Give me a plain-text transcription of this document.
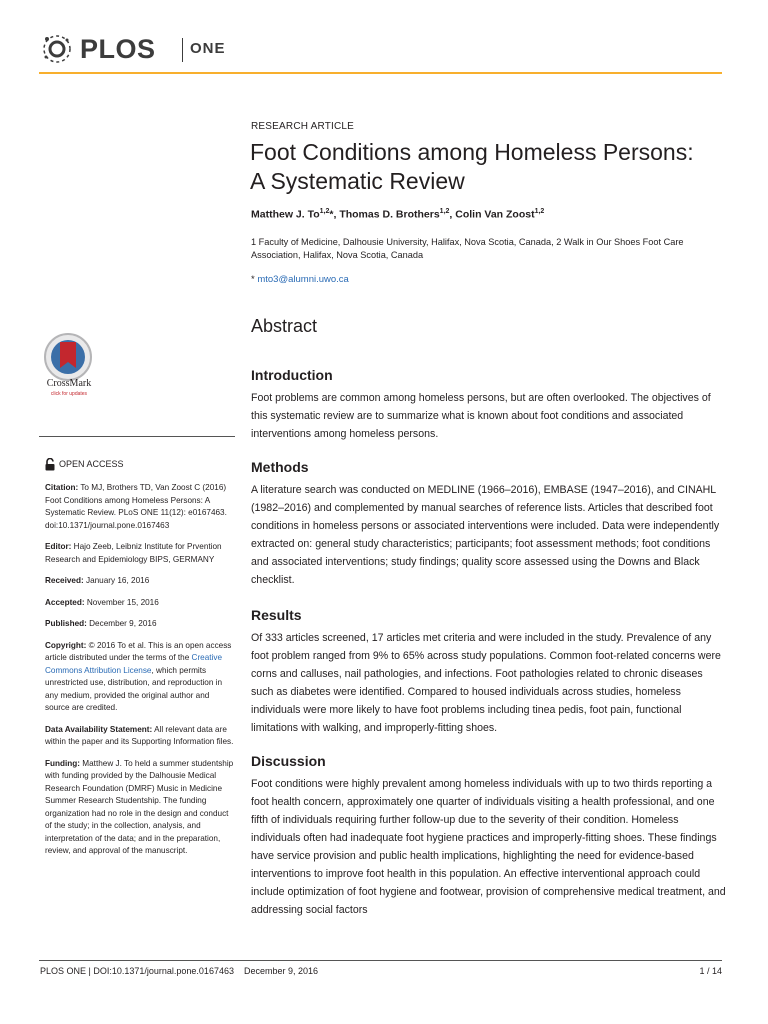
PLOS ONE
RESEARCH ARTICLE
Foot Conditions among Homeless Persons:
A Systematic Review
Matthew J. To$^{1,2}$*, Thomas D. Brothers$^{1,2}$, Colin Van Zoost$^{1,2}$
1 Faculty of Medicine, Dalhousie University, Halifax, Nova Scotia, Canada, 2 Walk in Our Shoes Foot Care Association, Halifax, Nova Scotia, Canada
* mto3@alumni.uwo.ca
Abstract
CrossMark
click for updates
OPEN ACCESS

Citation: To MJ, Brothers TD, Van Zoost C (2016) Foot Conditions among Homeless Persons: A Systematic Review. PLoS ONE 11(12): e0167463. doi:10.1371/journal.pone.0167463

Editor: Hajo Zeeb, Leibniz Institute for Prvention Research and Epidemiology BIPS, GERMANY

Received: January 16, 2016

Accepted: November 15, 2016

Published: December 9, 2016

Copyright: © 2016 To et al. This is an open access article distributed under the terms of the Creative Commons Attribution License, which permits unrestricted use, distribution, and reproduction in any medium, provided the original author and source are credited.

Data Availability Statement: All relevant data are within the paper and its Supporting Information files.

Funding: Matthew J. To held a summer studentship with funding provided by the Dalhousie Medical Research Foundation (DMRF) Music in Medicine Summer Research Studentship. The funding organization had no role in the design and conduct of the study; in the collection, analysis, and interpretation of the data; and in the preparation, review, and approval of the manuscript.

Introduction

Foot problems are common among homeless persons, but are often overlooked. The objectives of this systematic review are to summarize what is known about foot conditions and associated interventions among homeless persons.

Methods

A literature search was conducted on MEDLINE (1966–2016), EMBASE (1947–2016), and CINAHL (1982–2016) and complemented by manual searches of reference lists. Articles that described foot conditions in homeless persons or associated interventions were included. Data were independently extracted on: general study characteristics; participants; foot assessment methods; foot conditions and associated interventions; study findings; quality score assessed using the Downs and Black checklist.

Results

Of 333 articles screened, 17 articles met criteria and were included in the study. Prevalence of any foot problem ranged from 9% to 65% across study populations. Common foot-related concerns were corns and calluses, nail pathologies, and infections. Foot pathologies related to chronic diseases such as diabetes were identified. Compared to housed individuals across studies, homeless individuals were more likely to have foot problems including tinea pedis, foot pain, functional limitations with walking, and improperly-fitting shoes.

Discussion

Foot conditions were highly prevalent among homeless individuals with up to two thirds reporting a foot health concern, approximately one quarter of individuals visiting a health professional, and one fifth of individuals requiring further follow-up due to the severity of their condition. Homeless individuals often had inadequate foot hygiene practices and improperly-fitting shoes. These findings have service provision and public health implications, highlighting the need for evidence-based interventions to improve foot health in this population. An effective interventional approach could include optimization of foot hygiene and footwear, provision of comprehensive medical treatment, and addressing social factors

PLOS ONE | DOI:10.1371/journal.pone.0167463    December 9, 2016	1 / 14
